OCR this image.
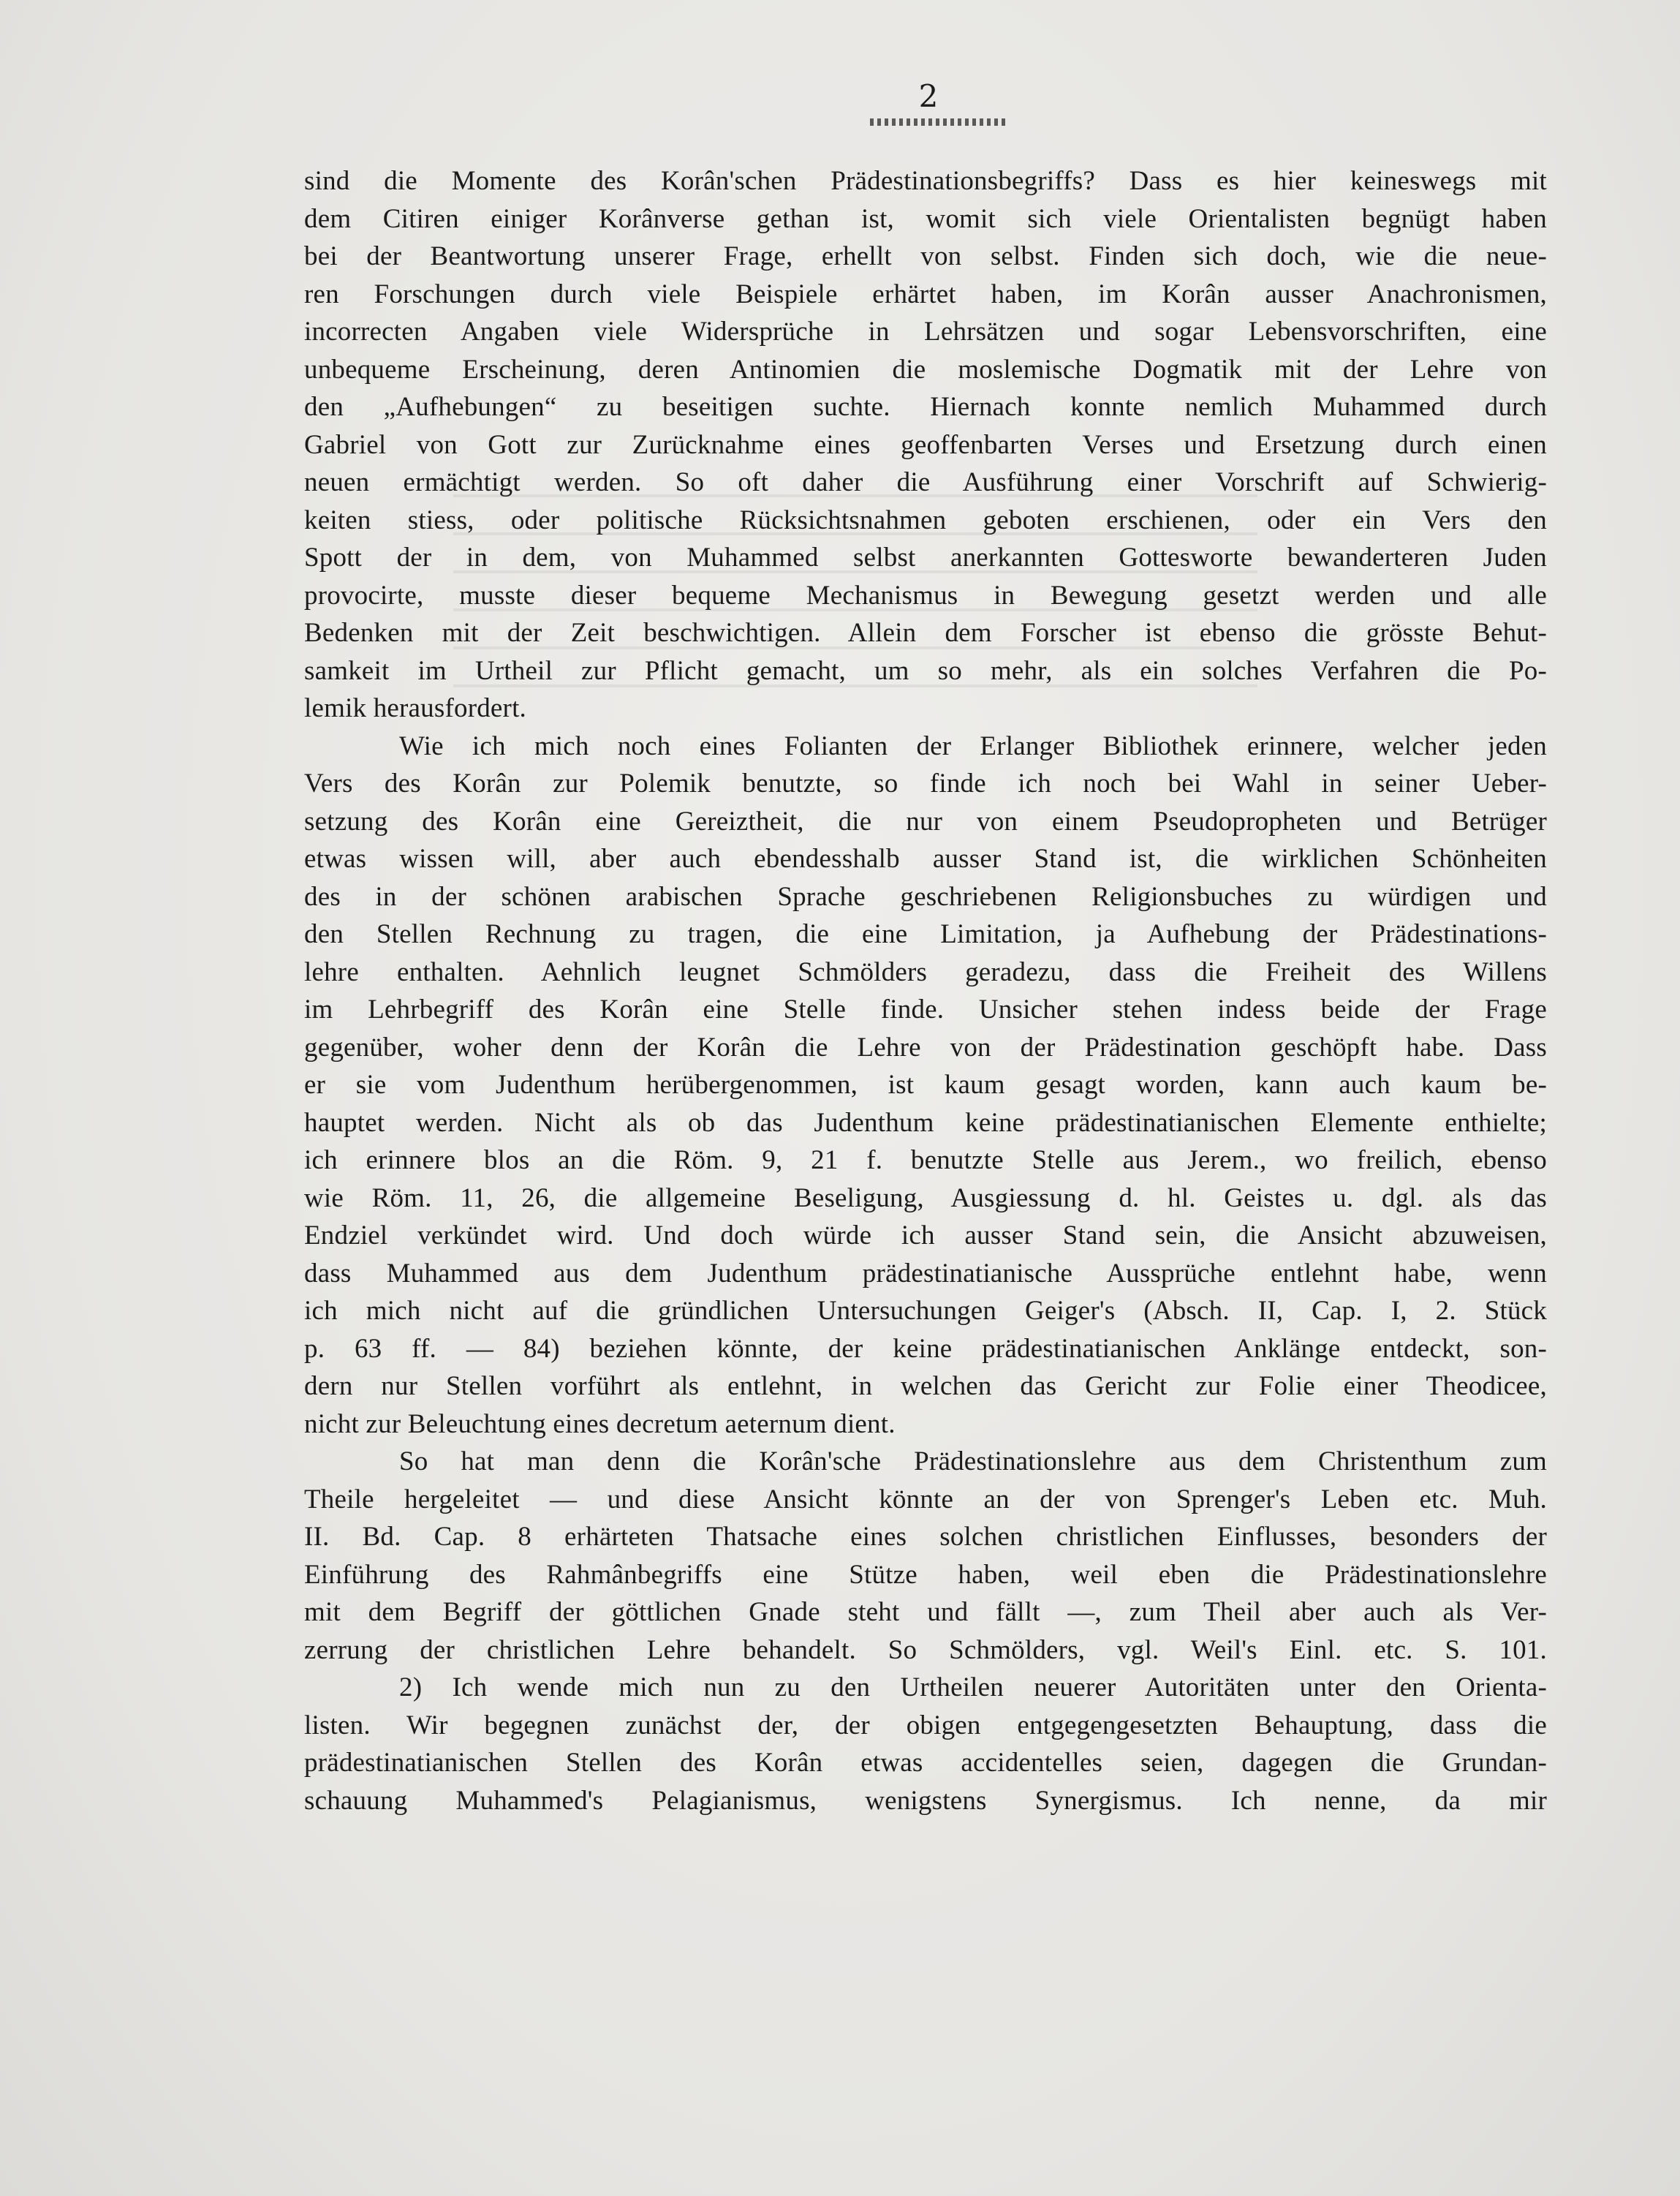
2
sind die Momente des Korân'schen Prädestinationsbegriffs? Dass es hier keineswegs mit
dem Citiren einiger Korânverse gethan ist, womit sich viele Orientalisten begnügt haben
bei der Beantwortung unserer Frage, erhellt von selbst. Finden sich doch, wie die neue-
ren Forschungen durch viele Beispiele erhärtet haben, im Korân ausser Anachronismen,
incorrecten Angaben viele Widersprüche in Lehrsätzen und sogar Lebensvorschriften, eine
unbequeme Erscheinung, deren Antinomien die moslemische Dogmatik mit der Lehre von
den „Aufhebungen“ zu beseitigen suchte. Hiernach konnte nemlich Muhammed durch
Gabriel von Gott zur Zurücknahme eines geoffenbarten Verses und Ersetzung durch einen
neuen ermächtigt werden. So oft daher die Ausführung einer Vorschrift auf Schwierig-
keiten stiess, oder politische Rücksichtsnahmen geboten erschienen, oder ein Vers den
Spott der in dem, von Muhammed selbst anerkannten Gottesworte bewanderteren Juden
provocirte, musste dieser bequeme Mechanismus in Bewegung gesetzt werden und alle
Bedenken mit der Zeit beschwichtigen. Allein dem Forscher ist ebenso die grösste Behut-
samkeit im Urtheil zur Pflicht gemacht, um so mehr, als ein solches Verfahren die Po-
lemik herausfordert.
Wie ich mich noch eines Folianten der Erlanger Bibliothek erinnere, welcher jeden
Vers des Korân zur Polemik benutzte, so finde ich noch bei Wahl in seiner Ueber-
setzung des Korân eine Gereiztheit, die nur von einem Pseudopropheten und Betrüger
etwas wissen will, aber auch ebendesshalb ausser Stand ist, die wirklichen Schönheiten
des in der schönen arabischen Sprache geschriebenen Religionsbuches zu würdigen und
den Stellen Rechnung zu tragen, die eine Limitation, ja Aufhebung der Prädestinations-
lehre enthalten. Aehnlich leugnet Schmölders geradezu, dass die Freiheit des Willens
im Lehrbegriff des Korân eine Stelle finde. Unsicher stehen indess beide der Frage
gegenüber, woher denn der Korân die Lehre von der Prädestination geschöpft habe. Dass
er sie vom Judenthum herübergenommen, ist kaum gesagt worden, kann auch kaum be-
hauptet werden. Nicht als ob das Judenthum keine prädestinatianischen Elemente enthielte;
ich erinnere blos an die Röm. 9, 21 f. benutzte Stelle aus Jerem., wo freilich, ebenso
wie Röm. 11, 26, die allgemeine Beseligung, Ausgiessung d. hl. Geistes u. dgl. als das
Endziel verkündet wird. Und doch würde ich ausser Stand sein, die Ansicht abzuweisen,
dass Muhammed aus dem Judenthum prädestinatianische Aussprüche entlehnt habe, wenn
ich mich nicht auf die gründlichen Untersuchungen Geiger's (Absch. II, Cap. I, 2. Stück
p. 63 ff. — 84) beziehen könnte, der keine prädestinatianischen Anklänge entdeckt, son-
dern nur Stellen vorführt als entlehnt, in welchen das Gericht zur Folie einer Theodicee,
nicht zur Beleuchtung eines decretum aeternum dient.
So hat man denn die Korân'sche Prädestinationslehre aus dem Christenthum zum
Theile hergeleitet — und diese Ansicht könnte an der von Sprenger's Leben etc. Muh.
II. Bd. Cap. 8 erhärteten Thatsache eines solchen christlichen Einflusses, besonders der
Einführung des Rahmânbegriffs eine Stütze haben, weil eben die Prädestinationslehre
mit dem Begriff der göttlichen Gnade steht und fällt —, zum Theil aber auch als Ver-
zerrung der christlichen Lehre behandelt. So Schmölders, vgl. Weil's Einl. etc. S. 101.
2) Ich wende mich nun zu den Urtheilen neuerer Autoritäten unter den Orienta-
listen. Wir begegnen zunächst der, der obigen entgegengesetzten Behauptung, dass die
prädestinatianischen Stellen des Korân etwas accidentelles seien, dagegen die Grundan-
schauung Muhammed's Pelagianismus, wenigstens Synergismus. Ich nenne, da mir
